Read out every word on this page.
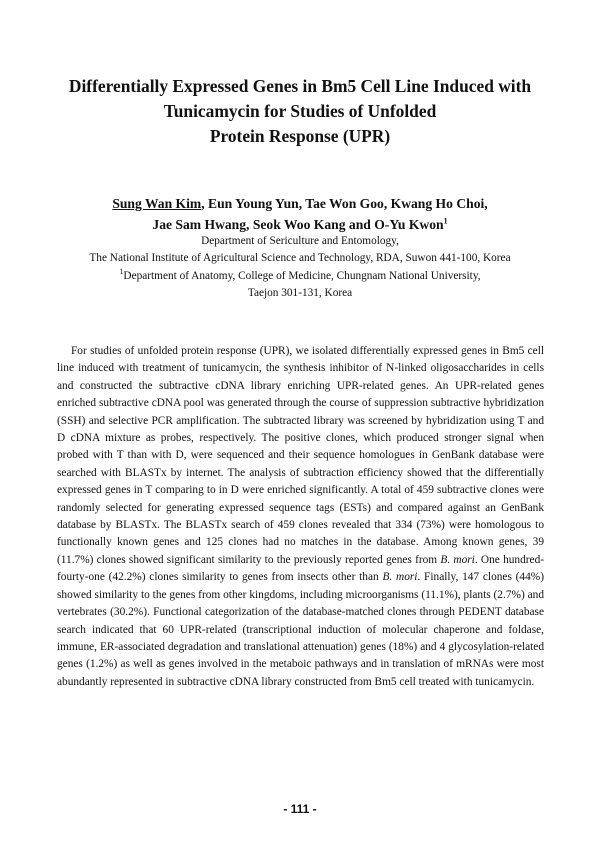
Differentially Expressed Genes in Bm5 Cell Line Induced with
Tunicamycin for Studies of Unfolded
Protein Response (UPR)
Sung Wan Kim, Eun Young Yun, Tae Won Goo, Kwang Ho Choi,
Jae Sam Hwang, Seok Woo Kang and O-Yu Kwon$^1$
Department of Sericulture and Entomology,
The National Institute of Agricultural Science and Technology, RDA, Suwon 441-100, Korea
$^1$Department of Anatomy, College of Medicine, Chungnam National University,
Taejon 301-131, Korea

For studies of unfolded protein response (UPR), we isolated differentially expressed genes in Bm5 cell line induced with treatment of tunicamycin, the synthesis inhibitor of N-linked oligosaccharides in cells and constructed the subtractive cDNA library enriching UPR-related genes. An UPR-related genes enriched subtractive cDNA pool was generated through the course of suppression subtractive hybridization (SSH) and selective PCR amplification. The subtracted library was screened by hybridization using T and D cDNA mixture as probes, respectively. The positive clones, which produced stronger signal when probed with T than with D, were sequenced and their sequence homologues in GenBank database were searched with BLASTx by internet. The analysis of subtraction efficiency showed that the differentially expressed genes in T comparing to in D were enriched significantly. A total of 459 subtractive clones were randomly selected for generating expressed sequence tags (ESTs) and compared against an GenBank database by BLASTx. The BLASTx search of 459 clones revealed that 334 (73%) were homologous to functionally known genes and 125 clones had no matches in the database. Among known genes, 39 (11.7%) clones showed significant similarity to the previously reported genes from B. mori. One hundred-fourty-one (42.2%) clones similarity to genes from insects other than B. mori. Finally, 147 clones (44%) showed similarity to the genes from other kingdoms, including microorganisms (11.1%), plants (2.7%) and vertebrates (30.2%). Functional categorization of the database-matched clones through PEDENT database search indicated that 60 UPR-related (transcriptional induction of molecular chaperone and foldase, immune, ER-associated degradation and translational attenuation) genes (18%) and 4 glycosylation-related genes (1.2%) as well as genes involved in the metaboic pathways and in translation of mRNAs were most abundantly represented in subtractive cDNA library constructed from Bm5 cell treated with tunicamycin.

- 111 -
